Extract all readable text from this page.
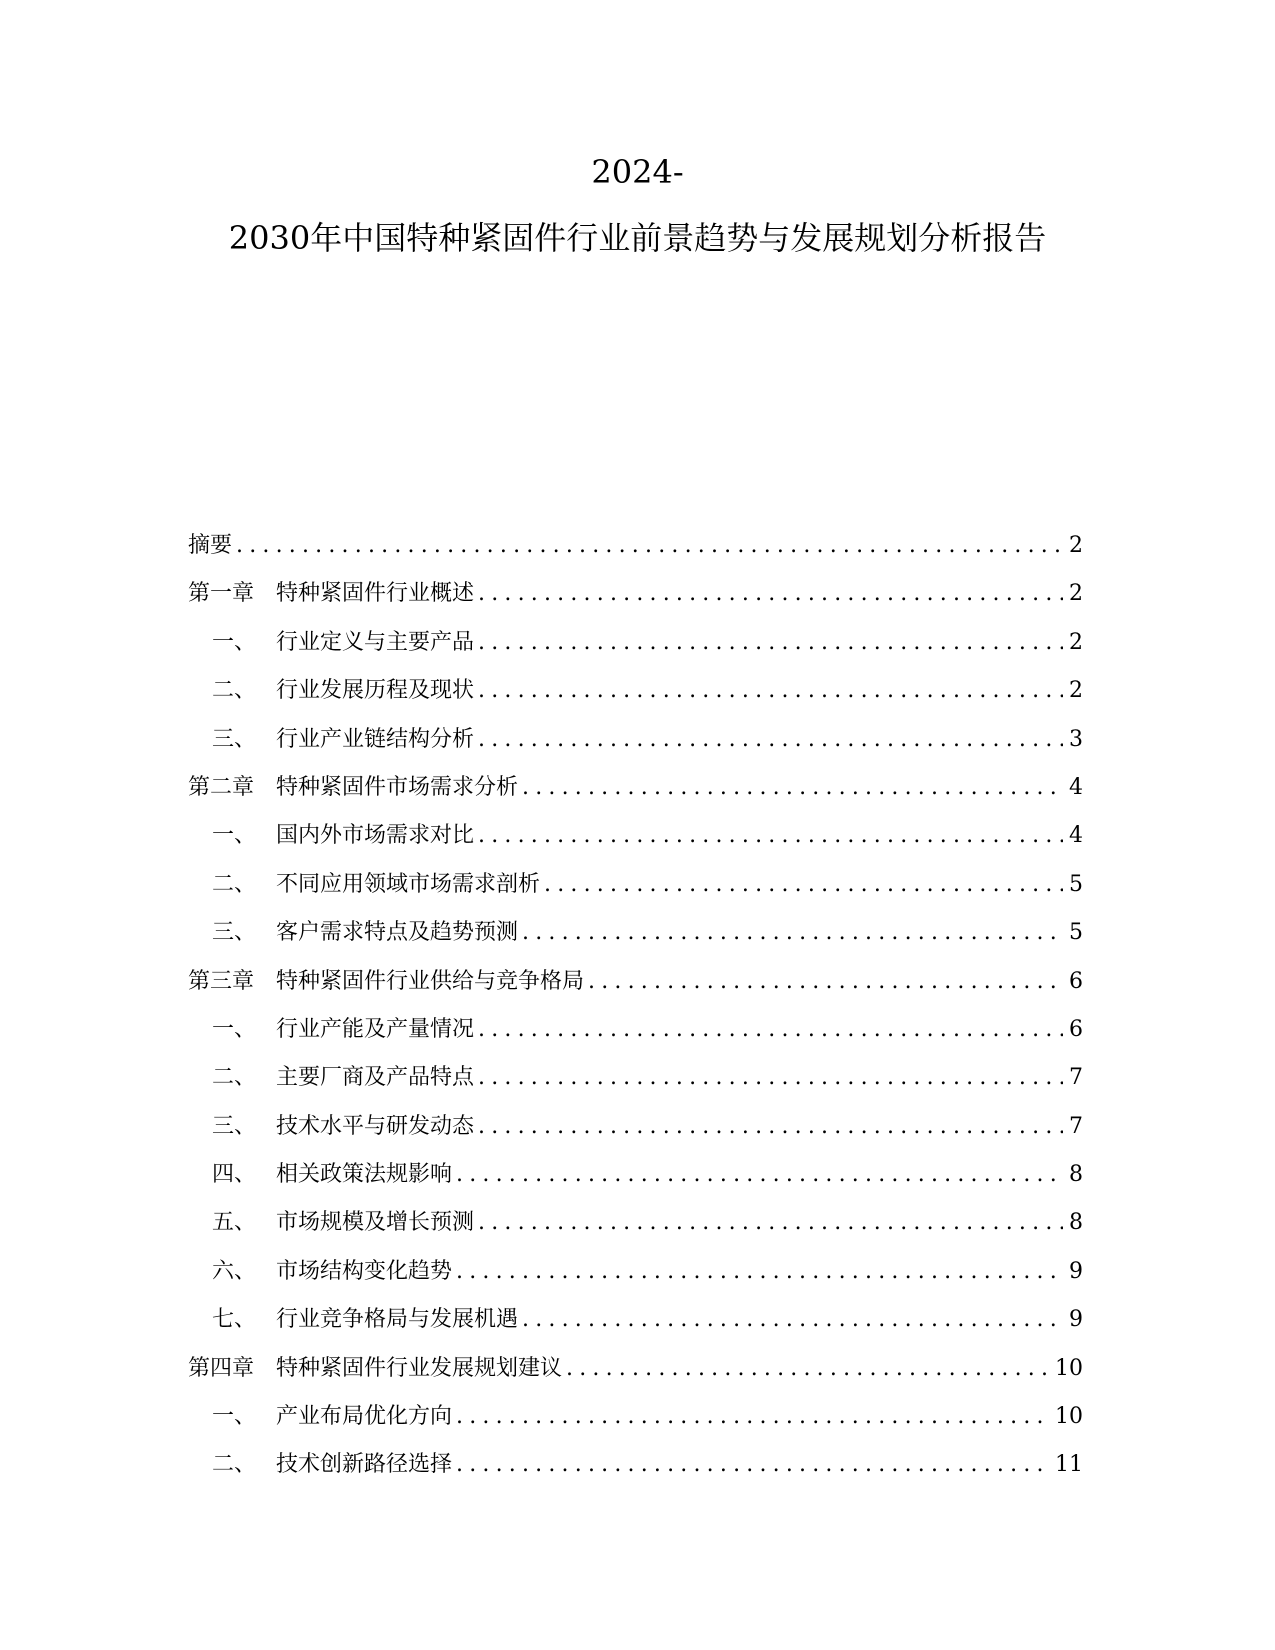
2024-
2030年中国特种紧固件行业前景趋势与发展规划分析报告
摘要 .....	2
第一章 特种紧固件行业概述 .....	2
一、 行业定义与主要产品 .....	2
二、 行业发展历程及现状 .....	2
三、 行业产业链结构分析 .....	3
第二章 特种紧固件市场需求分析 .....	4
一、 国内外市场需求对比 .....	4
二、 不同应用领域市场需求剖析 .....	5
三、 客户需求特点及趋势预测 .....	5
第三章 特种紧固件行业供给与竞争格局 .....	6
一、 行业产能及产量情况 .....	6
二、 主要厂商及产品特点 .....	7
三、 技术水平与研发动态 .....	7
四、 相关政策法规影响 .....	8
五、 市场规模及增长预测 .....	8
六、 市场结构变化趋势 .....	9
七、 行业竞争格局与发展机遇 .....	9
第四章 特种紧固件行业发展规划建议 .....	10
一、 产业布局优化方向 .....	10
二、 技术创新路径选择 .....	11
